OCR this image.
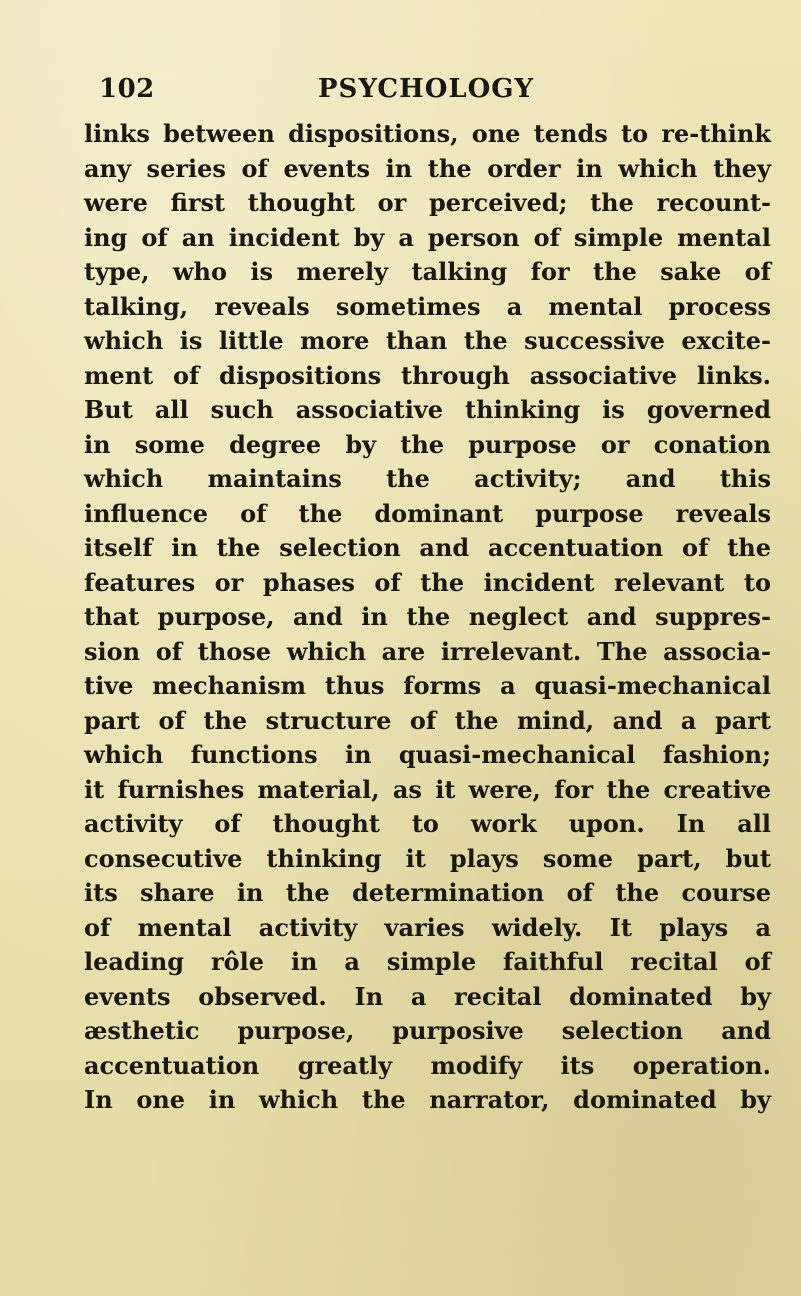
102	PSYCHOLOGY
links between dispositions, one tends to re-think
any series of events in the order in which they
were first thought or perceived; the recount-
ing of an incident by a person of simple mental
type, who is merely talking for the sake of
talking, reveals sometimes a mental process
which is little more than the successive excite-
ment of dispositions through associative links.
But all such associative thinking is governed
in some degree by the purpose or conation
which maintains the activity; and this
influence of the dominant purpose reveals
itself in the selection and accentuation of the
features or phases of the incident relevant to
that purpose, and in the neglect and suppres-
sion of those which are irrelevant. The associa-
tive mechanism thus forms a quasi-mechanical
part of the structure of the mind, and a part
which functions in quasi-mechanical fashion;
it furnishes material, as it were, for the creative
activity of thought to work upon. In all
consecutive thinking it plays some part, but
its share in the determination of the course
of mental activity varies widely. It plays a
leading rôle in a simple faithful recital of
events observed. In a recital dominated by
æsthetic purpose, purposive selection and
accentuation greatly modify its operation.
In one in which the narrator, dominated by
